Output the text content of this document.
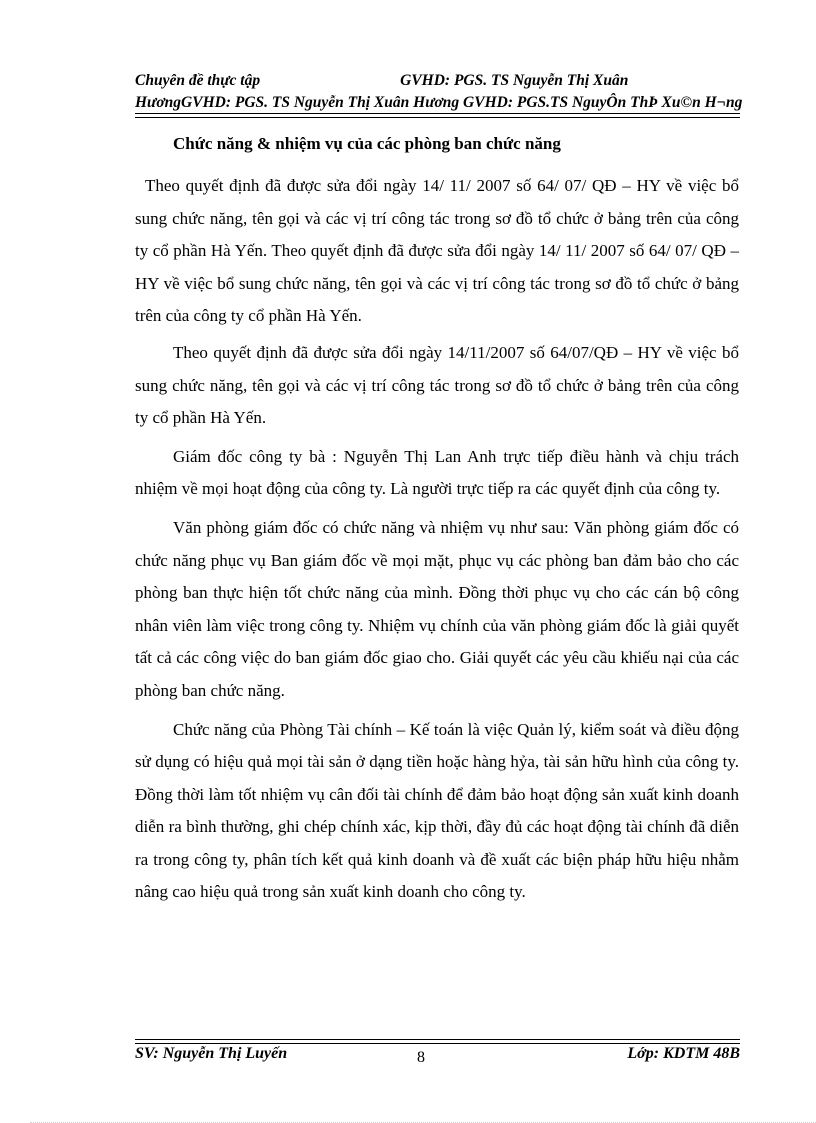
Chuyên đề thực tập	GVHD: PGS. TS Nguyễn Thị Xuân
HươngGVHD: PGS. TS Nguyễn Thị Xuân Hương GVHD: PGS.TS NguyÔn ThÞ Xu©n H¬ng
Chức năng & nhiệm vụ của các phòng ban chức năng

Theo quyết định đã được sửa đổi ngày 14/ 11/ 2007 số 64/ 07/ QĐ – HY về việc bổ sung chức năng, tên gọi và các vị trí công tác trong sơ đồ tổ chức ở bảng trên của công ty cổ phần Hà Yến. Theo quyết định đã được sửa đổi ngày 14/ 11/ 2007 số 64/ 07/ QĐ – HY về việc bổ sung chức năng, tên gọi và các vị trí công tác trong sơ đồ tổ chức ở bảng trên của công ty cổ phần Hà Yến.

Theo quyết định đã được sửa đổi ngày 14/11/2007 số 64/07/QĐ – HY về việc bổ sung chức năng, tên gọi và các vị trí công tác trong sơ đồ tổ chức ở bảng trên của công ty cổ phần Hà Yến.

Giám đốc công ty bà : Nguyễn Thị Lan Anh trực tiếp điều hành và chịu trách nhiệm về mọi hoạt động của công ty. Là người trực tiếp ra các quyết định của công ty.

Văn phòng giám đốc có chức năng và nhiệm vụ như sau: Văn phòng giám đốc có chức năng phục vụ Ban giám đốc về mọi mặt, phục vụ các phòng ban đảm bảo cho các phòng ban thực hiện tốt chức năng của mình. Đồng thời phục vụ cho các cán bộ công nhân viên làm việc trong công ty. Nhiệm vụ chính của văn phòng giám đốc là giải quyết tất cả các công việc do ban giám đốc giao cho. Giải quyết các yêu cầu khiếu nại của các phòng ban chức năng.

Chức năng của Phòng Tài chính – Kế toán là việc Quản lý, kiểm soát và điều động sử dụng có hiệu quả mọi tài sản ở dạng tiền hoặc hàng hỷa, tài sản hữu hình của công ty. Đồng thời làm tốt nhiệm vụ cân đối tài chính để đảm bảo hoạt động sản xuất kinh doanh diễn ra bình thường, ghi chép chính xác, kịp thời, đầy đủ các hoạt động tài chính đã diễn ra trong công ty, phân tích kết quả kinh doanh và đề xuất các biện pháp hữu hiệu nhằm nâng cao hiệu quả trong sản xuất kinh doanh cho công ty.

SV: Nguyễn Thị Luyến	8	Lớp: KDTM 48B
